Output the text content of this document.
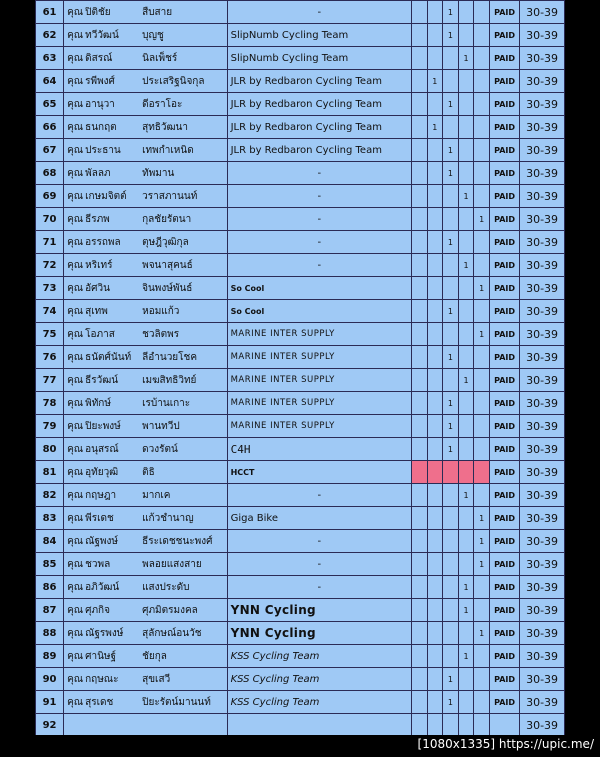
61	คุณ ปิติชัย สืบสาย	-			1			PAID	30-39
62	คุณ ทวีวัฒน์ บุญชู	SlipNumb Cycling Team			1			PAID	30-39
63	คุณ ดิสรณ์ นิลเพ็ชร์	SlipNumb Cycling Team				1		PAID	30-39
64	คุณ รพีพงศ์ ประเสริฐนิจกุล	JLR by Redbaron Cycling Team		1				PAID	30-39
65	คุณ อานุวา ดีอราโอะ	JLR by Redbaron Cycling Team			1			PAID	30-39
66	คุณ ธนกฤต สุทธิวัฒนา	JLR by Redbaron Cycling Team		1				PAID	30-39
67	คุณ ประธาน เทพกำเหนิด	JLR by Redbaron Cycling Team			1			PAID	30-39
68	คุณ พัลลภ ทัพมาน	-			1			PAID	30-39
69	คุณ เกษมจิตต์ วราสภานนท์	-				1		PAID	30-39
70	คุณ ธีรภพ กุลชัยรัตนา	-					1	PAID	30-39
71	คุณ อรรถพล ตุษฎีวุฒิกุล	-			1			PAID	30-39
72	คุณ หริเทร์ พจนาสุคนธ์	-				1		PAID	30-39
73	คุณ อัศวิน จินพงษ์พันธ์	So Cool					1	PAID	30-39
74	คุณ สุเทพ หอมแก้ว	So Cool			1			PAID	30-39
75	คุณ โอภาส ชวลิตพร	MARINE INTER SUPPLY					1	PAID	30-39
76	คุณ ธนัตศ์นันท์ ลีอำนวยโชค	MARINE INTER SUPPLY			1			PAID	30-39
77	คุณ ธีรวัฒน์ เมฆสิทธิวิทย์	MARINE INTER SUPPLY				1		PAID	30-39
78	คุณ พิทักษ์ เรบ้านเกาะ	MARINE INTER SUPPLY			1			PAID	30-39
79	คุณ ปิยะพงษ์ พานทวีป	MARINE INTER SUPPLY			1			PAID	30-39
80	คุณ อนุสรณ์ ดวงรัตน์	C4H			1			PAID	30-39
81	คุณ อุทัยวุฒิ ติธิ	HCCT						PAID	30-39
82	คุณ กฤษฎา มากเค	-				1		PAID	30-39
83	คุณ พีรเดช แก้วชำนาญ	Giga Bike					1	PAID	30-39
84	คุณ ณัฐพงษ์ ธีระเดชชนะพงศ์	-					1	PAID	30-39
85	คุณ ชวพล พลอยแสงสาย	-					1	PAID	30-39
86	คุณ อภิวัฒน์ แสงประดับ	-				1		PAID	30-39
87	คุณ ศุภกิจ ศุภมิตรมงคล	YNN Cycling				1		PAID	30-39
88	คุณ ณัฐรพงษ์ สุลักษณ์อนวัช	YNN Cycling					1	PAID	30-39
89	คุณ ศานิษฐ์ ชัยกุล	KSS Cycling Team				1		PAID	30-39
90	คุณ กฤษณะ สุขเสวี	KSS Cycling Team			1			PAID	30-39
91	คุณ สุรเดช ปิยะรัตน์มานนท์	KSS Cycling Team			1			PAID	30-39
92									30-39
[1080x1335] https://upic.me/
